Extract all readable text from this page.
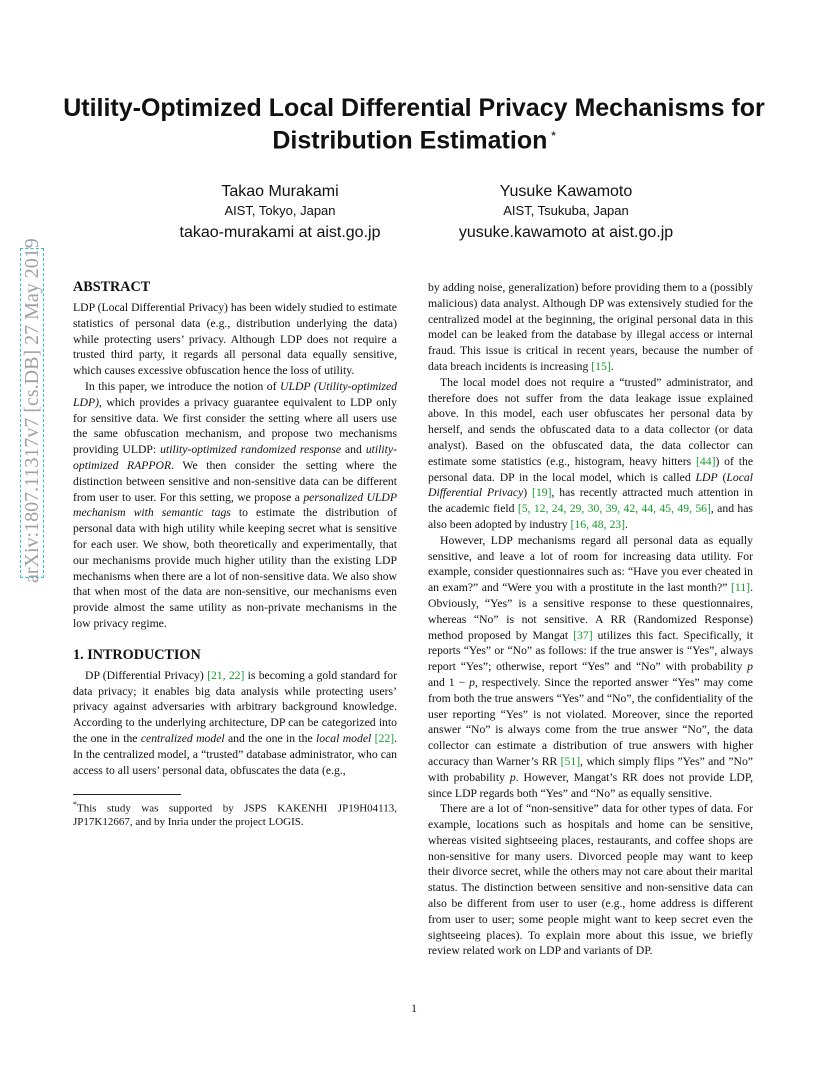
Utility-Optimized Local Differential Privacy Mechanisms for
Distribution Estimation *
Takao Murakami
AIST, Tokyo, Japan
takao-murakami at aist.go.jp
Yusuke Kawamoto
AIST, Tsukuba, Japan
yusuke.kawamoto at aist.go.jp
arXiv:1807.11317v7 [cs.DB] 27 May 2019 ABSTRACT

LDP (Local Differential Privacy) has been widely studied to estimate statistics of personal data (e.g., distribution underlying the data) while protecting users’ privacy. Although LDP does not require a trusted third party, it regards all personal data equally sensitive, which causes excessive obfuscation hence the loss of utility.

In this paper, we introduce the notion of ULDP (Utility-optimized LDP), which provides a privacy guarantee equivalent to LDP only for sensitive data. We first consider the setting where all users use the same obfuscation mechanism, and propose two mechanisms providing ULDP: utility-optimized randomized response and utility-optimized RAPPOR. We then consider the setting where the distinction between sensitive and non-sensitive data can be different from user to user. For this setting, we propose a personalized ULDP mechanism with semantic tags to estimate the distribution of personal data with high utility while keeping secret what is sensitive for each user. We show, both theoretically and experimentally, that our mechanisms provide much higher utility than the existing LDP mechanisms when there are a lot of non-sensitive data. We also show that when most of the data are non-sensitive, our mechanisms even provide almost the same utility as non-private mechanisms in the low privacy regime.

1. INTRODUCTION

DP (Differential Privacy) [21, 22] is becoming a gold standard for data privacy; it enables big data analysis while protecting users’ privacy against adversaries with arbitrary background knowledge. According to the underlying architecture, DP can be categorized into the one in the centralized model and the one in the local model [22]. In the centralized model, a “trusted” database administrator, who can access to all users’ personal data, obfuscates the data (e.g.,

*This study was supported by JSPS KAKENHI JP19H04113, JP17K12667, and by Inria under the project LOGIS.

by adding noise, generalization) before providing them to a (possibly malicious) data analyst. Although DP was extensively studied for the centralized model at the beginning, the original personal data in this model can be leaked from the database by illegal access or internal fraud. This issue is critical in recent years, because the number of data breach incidents is increasing [15].

The local model does not require a “trusted” administrator, and therefore does not suffer from the data leakage issue explained above. In this model, each user obfuscates her personal data by herself, and sends the obfuscated data to a data collector (or data analyst). Based on the obfuscated data, the data collector can estimate some statistics (e.g., histogram, heavy hitters [44]) of the personal data. DP in the local model, which is called LDP (Local Differential Privacy) [19], has recently attracted much attention in the academic field [5, 12, 24, 29, 30, 39, 42, 44, 45, 49, 56], and has also been adopted by industry [16, 48, 23].

However, LDP mechanisms regard all personal data as equally sensitive, and leave a lot of room for increasing data utility. For example, consider questionnaires such as: “Have you ever cheated in an exam?” and “Were you with a prostitute in the last month?” [11]. Obviously, “Yes” is a sensitive response to these questionnaires, whereas “No” is not sensitive. A RR (Randomized Response) method proposed by Mangat [37] utilizes this fact. Specifically, it reports “Yes” or “No” as follows: if the true answer is “Yes”, always report “Yes”; otherwise, report “Yes” and “No” with probability p and 1 − p, respectively. Since the reported answer “Yes” may come from both the true answers “Yes” and “No”, the confidentiality of the user reporting “Yes” is not violated. Moreover, since the reported answer “No” is always come from the true answer “No”, the data collector can estimate a distribution of true answers with higher accuracy than Warner’s RR [51], which simply flips ”Yes” and ”No” with probability p. However, Mangat’s RR does not provide LDP, since LDP regards both “Yes” and “No” as equally sensitive.

There are a lot of “non-sensitive” data for other types of data. For example, locations such as hospitals and home can be sensitive, whereas visited sightseeing places, restaurants, and coffee shops are non-sensitive for many users. Divorced people may want to keep their divorce secret, while the others may not care about their marital status. The distinction between sensitive and non-sensitive data can also be different from user to user (e.g., home address is different from user to user; some people might want to keep secret even the sightseeing places). To explain more about this issue, we briefly review related work on LDP and variants of DP.

1
